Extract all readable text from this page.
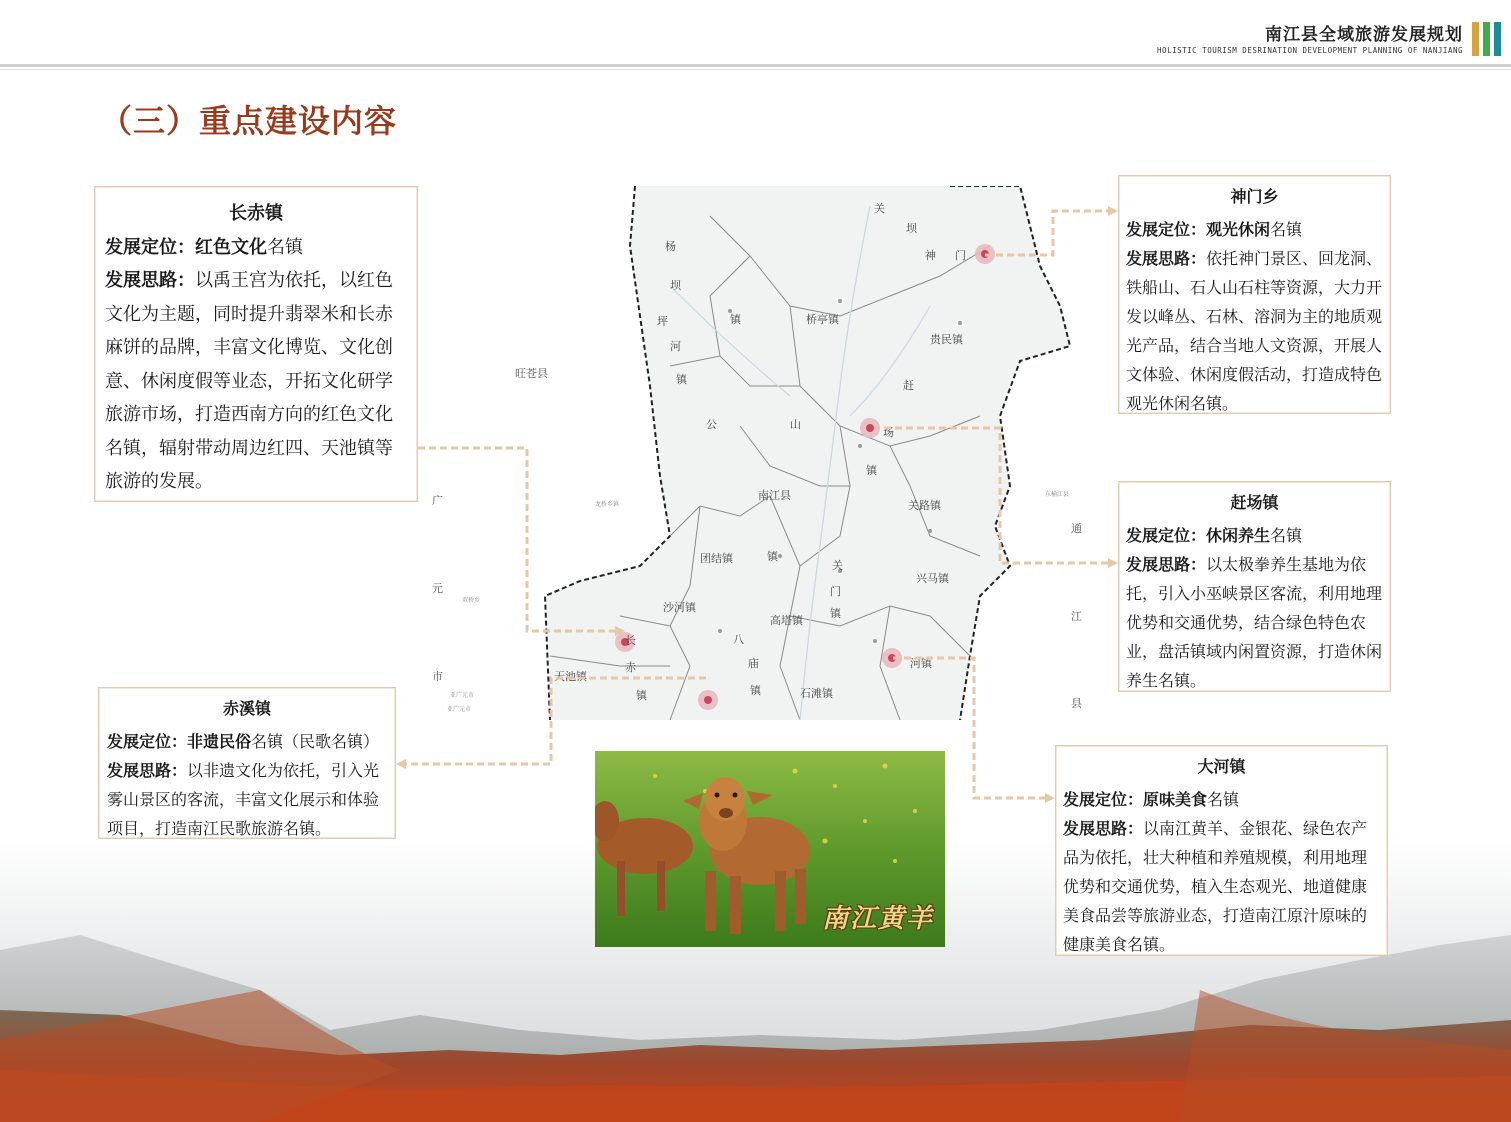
南江县全域旅游发展规划
HOLISTIC TOURISM DESRINATION DEVELOPMENT PLANNING OF NANJIANG
（三）重点建设内容
关
坝
神 门
杨
坝
桥亭镇
贵民镇
坪
河
镇
镇
旺苍县
赶
场
公	山
镇
南江县
关路镇
团结镇	镇
关
门
镇
兴马镇
沙河镇
高塔镇
八
庙
镇	石滩镇
河镇
长
赤
镇
天池镇
广
元
市
通
江
县
龙桥乡镇
双桥乡
东榆江县
亚广元市
亚广元市
长赤镇

发展定位：红色文化名镇

发展思路：以禹王宫为依托，以红色文化为主题，同时提升翡翠米和长赤麻饼的品牌，丰富文化博览、文化创意、休闲度假等业态，开拓文化研学旅游市场，打造西南方向的红色文化名镇，辐射带动周边红四、天池镇等旅游的发展。

神门乡

发展定位：观光休闲名镇

发展思路：依托神门景区、回龙洞、铁船山、石人山石柱等资源，大力开发以峰丛、石林、溶洞为主的地质观光产品，结合当地人文资源，开展人文体验、休闲度假活动，打造成特色观光休闲名镇。

赶场镇

发展定位：休闲养生名镇

发展思路：以太极拳养生基地为依托，引入小巫峡景区客流，利用地理优势和交通优势，结合绿色特色农业，盘活镇域内闲置资源，打造休闲养生名镇。

赤溪镇

发展定位：非遗民俗名镇（民歌名镇）

发展思路：以非遗文化为依托，引入光雾山景区的客流，丰富文化展示和体验项目，打造南江民歌旅游名镇。

大河镇

发展定位：原味美食名镇

发展思路：以南江黄羊、金银花、绿色农产品为依托，壮大种植和养殖规模，利用地理优势和交通优势，植入生态观光、地道健康美食品尝等旅游业态，打造南江原汁原味的健康美食名镇。

南江黄羊
